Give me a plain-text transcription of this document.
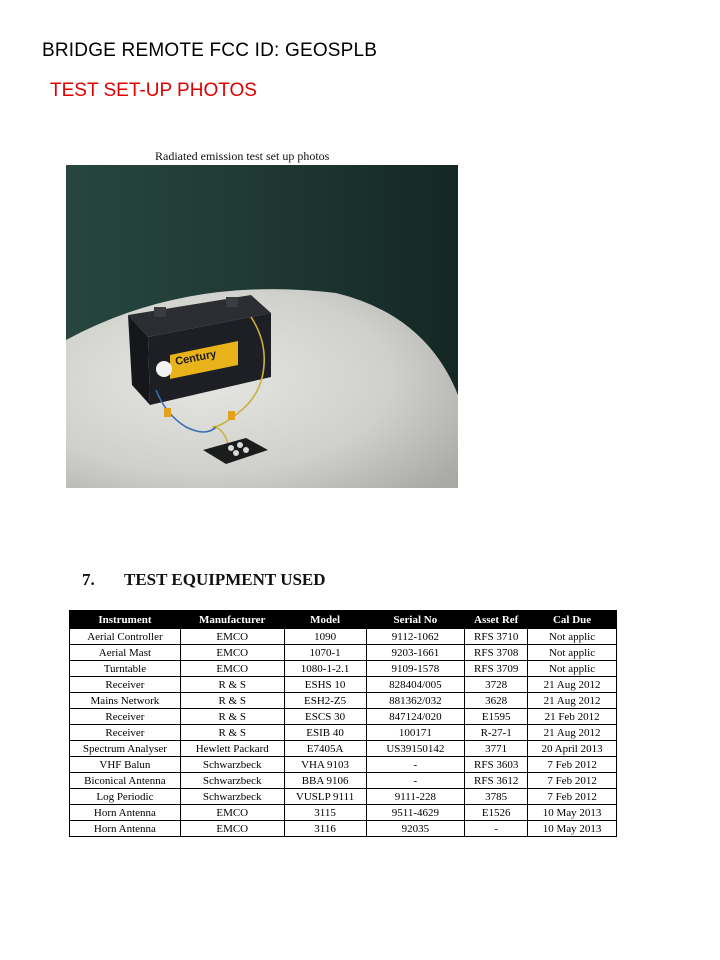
BRIDGE REMOTE FCC ID: GEOSPLB
TEST SET-UP PHOTOS
Radiated emission test set up photos
Century
7. TEST EQUIPMENT USED
Instrument	Manufacturer	Model	Serial No	Asset Ref	Cal Due
Aerial Controller	EMCO	1090	9112-1062	RFS 3710	Not applic
Aerial Mast	EMCO	1070-1	9203-1661	RFS 3708	Not applic
Turntable	EMCO	1080-1-2.1	9109-1578	RFS 3709	Not applic
Receiver	R & S	ESHS 10	828404/005	3728	21 Aug 2012
Mains Network	R & S	ESH2-Z5	881362/032	3628	21 Aug 2012
Receiver	R & S	ESCS 30	847124/020	E1595	21 Feb 2012
Receiver	R & S	ESIB 40	100171	R-27-1	21 Aug 2012
Spectrum Analyser	Hewlett Packard	E7405A	US39150142	3771	20 April 2013
VHF Balun	Schwarzbeck	VHA 9103	-	RFS 3603	7 Feb 2012
Biconical Antenna	Schwarzbeck	BBA 9106	-	RFS 3612	7 Feb 2012
Log Periodic	Schwarzbeck	VUSLP 9111	9111-228	3785	7 Feb 2012
Horn Antenna	EMCO	3115	9511-4629	E1526	10 May 2013
Horn Antenna	EMCO	3116	92035	-	10 May 2013
